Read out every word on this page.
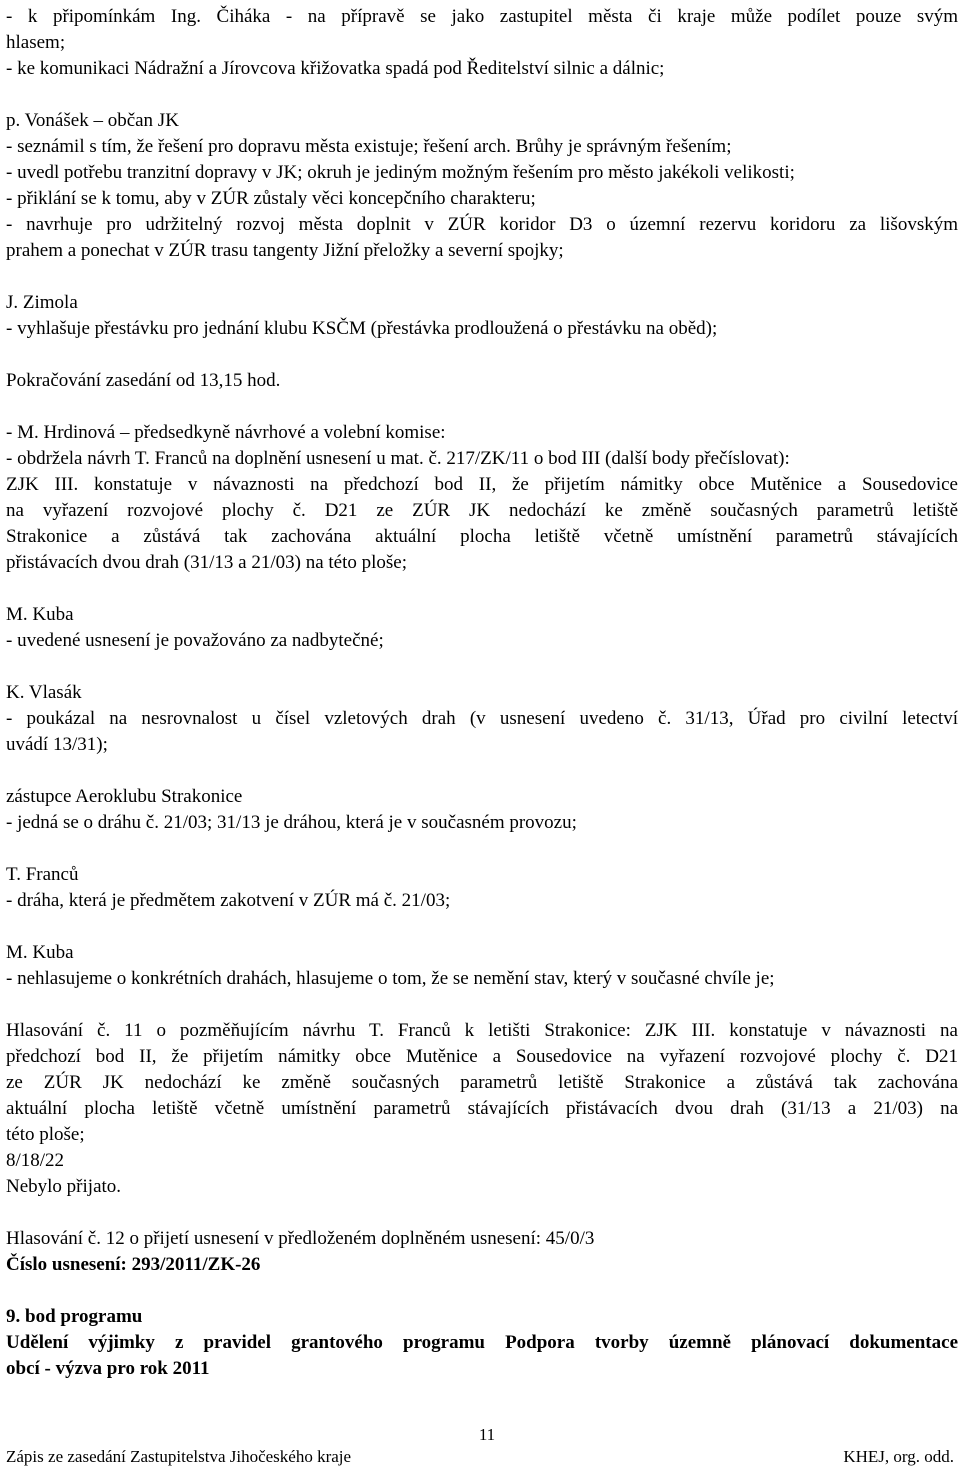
- k připomínkám Ing. Čiháka - na přípravě se jako zastupitel města či kraje může podílet pouze svým
hlasem;
- ke komunikaci Nádražní a Jírovcova křižovatka spadá pod Ředitelství silnic a dálnic;
p. Vonášek – občan JK
- seznámil s tím, že řešení pro dopravu města existuje; řešení arch. Brůhy je správným řešením;
- uvedl potřebu tranzitní dopravy v JK; okruh je jediným možným řešením pro město jakékoli velikosti;
- přiklání se k tomu, aby v ZÚR zůstaly věci koncepčního charakteru;
- navrhuje pro udržitelný rozvoj města doplnit v ZÚR koridor D3 o územní rezervu koridoru za lišovským
prahem a ponechat v ZÚR trasu tangenty Jižní přeložky a severní spojky;
J. Zimola
- vyhlašuje přestávku pro jednání klubu KSČM (přestávka prodloužená o přestávku na oběd);
Pokračování zasedání od 13,15 hod.
- M. Hrdinová – předsedkyně návrhové a volební komise:
- obdržela návrh T. Franců na doplnění usnesení u mat. č. 217/ZK/11 o bod III (další body přečíslovat):
ZJK III. konstatuje v návaznosti na předchozí bod II, že přijetím námitky obce Mutěnice a Sousedovice
na vyřazení rozvojové plochy č. D21 ze ZÚR JK nedochází ke změně současných parametrů letiště
Strakonice a zůstává tak zachována aktuální plocha letiště včetně umístnění parametrů stávajících
přistávacích dvou drah (31/13 a 21/03) na této ploše;
M. Kuba
- uvedené usnesení je považováno za nadbytečné;
K. Vlasák
- poukázal na nesrovnalost u čísel vzletových drah (v usnesení uvedeno č. 31/13, Úřad pro civilní letectví
uvádí 13/31);
zástupce Aeroklubu Strakonice
- jedná se o dráhu č. 21/03; 31/13 je dráhou, která je v současném provozu;
T. Franců
- dráha, která je předmětem zakotvení v ZÚR má č. 21/03;
M. Kuba
- nehlasujeme o konkrétních drahách, hlasujeme o tom, že se nemění stav, který v současné chvíle je;
Hlasování č. 11 o pozměňujícím návrhu T. Franců k letišti Strakonice: ZJK III. konstatuje v návaznosti na
předchozí bod II, že přijetím námitky obce Mutěnice a Sousedovice na vyřazení rozvojové plochy č. D21
ze ZÚR JK nedochází ke změně současných parametrů letiště Strakonice a zůstává tak zachována
aktuální plocha letiště včetně umístnění parametrů stávajících přistávacích dvou drah (31/13 a 21/03) na
této ploše;
8/18/22
Nebylo přijato.
Hlasování č. 12 o přijetí usnesení v předloženém doplněném usnesení: 45/0/3
Číslo usnesení: 293/2011/ZK-26
9. bod programu
Udělení výjimky z pravidel grantového programu Podpora tvorby územně plánovací dokumentace
obcí - výzva pro rok 2011
11
Zápis ze zasedání Zastupitelstva Jihočeského kraje	KHEJ, org. odd.
